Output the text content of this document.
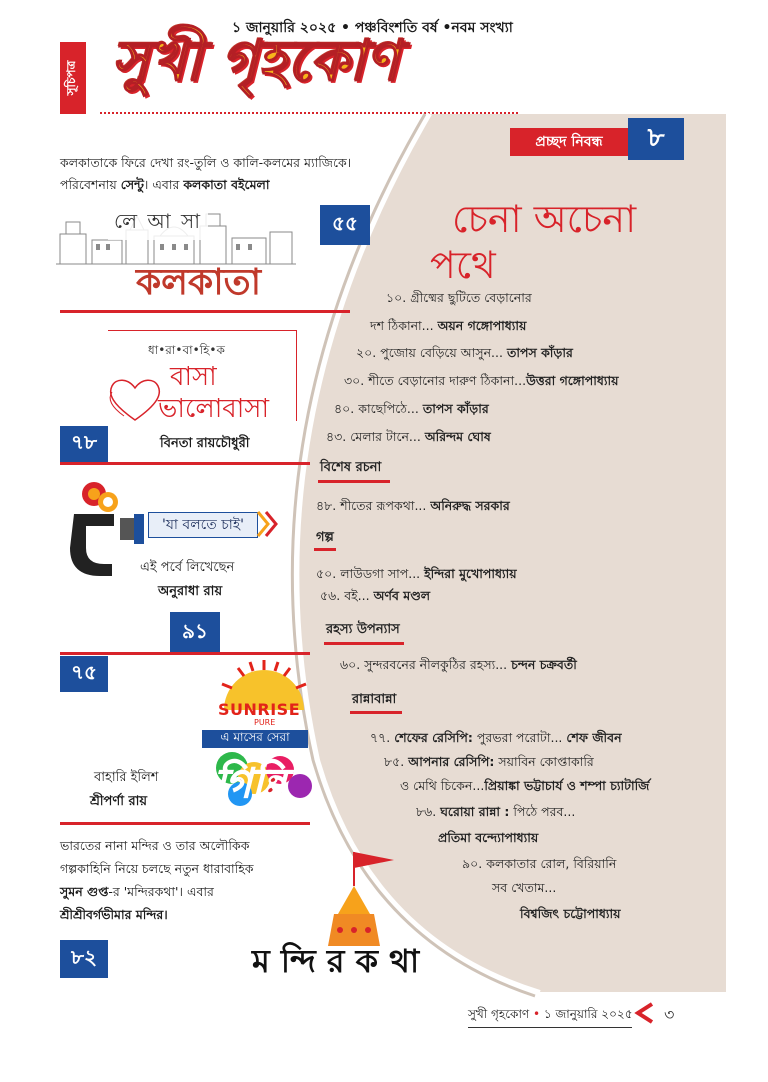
১ জানুয়ারি ২০২৫ • পঞ্চবিংশতি বর্ষ •নবম সংখ্যা
সূচিপত্র সুখী গৃহকোণ
প্রচ্ছদ নিবন্ধ	৮
চেনা অচেনা
পথে
১০. গ্রীষ্মের ছুটিতে বেড়ানোর
দশ ঠিকানা... অয়ন গঙ্গোপাধ্যায়
২০. পুজোয় বেড়িয়ে আসুন... তাপস কাঁড়ার
৩০. শীতে বেড়ানোর দারুণ ঠিকানা...উত্তরা গঙ্গোপাধ্যায়
৪০. কাছেপিঠে... তাপস কাঁড়ার
৪৩. মেলার টানে... অরিন্দম ঘোষ
বিশেষ রচনা
৪৮. শীতের রূপকথা... অনিরুদ্ধ সরকার
গল্প
৫০. লাউডগা সাপ... ইন্দিরা মুখোপাধ্যায়
৫৬. বই... অর্ণব মণ্ডল
রহস্য উপন্যাস
৬০. সুন্দরবনের নীলকুঠির রহস্য... চন্দন চক্রবর্তী
রান্নাবান্না
৭৭. শেফের রেসিপি: পুরভরা পরোটা... শেফ জীবন
৮৫. আপনার রেসিপি: সয়াবিন কোপ্তাকারি
ও মেথি চিকেন...প্রিয়াঙ্কা ভট্টাচার্য ও শম্পা চ্যাটার্জি
৮৬. ঘরোয়া রান্না : পিঠে পরব...
প্রতিমা বন্দ্যোপাধ্যায়
৯০. কলকাতার রোল, বিরিয়ানি
সব খেতাম...
বিশ্বজিৎ চট্টোপাধ্যায়
কলকাতাকে ফিরে দেখা রং-তুলি ও কালি-কলমের ম্যাজিকে।
পরিবেশনায় সেন্টু। এবার কলকাতা বইমেলা
লে আ সা
কলকাতা
৫৫
ধা•রা•বা•হি•ক
বাসা
ভালোবাসা
৭৮	বিনতা রায়চৌধুরী
'যা বলতে চাই'
এই পর্বে লিখেছেন
অনুরাধা রায়
৯১
৭৫
SUNRISE
PURE
এ মাসের সেরা
গিন্নি
বাহারি ইলিশ
শ্রীপর্ণা রায়
ভারতের নানা মন্দির ও তার অলৌকিক
গল্পকাহিনি নিয়ে চলছে নতুন ধারাবাহিক
সুমন গুপ্ত-র 'মন্দিরকথা'। এবার
শ্রীশ্রীবর্গভীমার মন্দির।
ম ন্দি র ক থা
৮২
সুখী গৃহকোণ • ১ জানুয়ারি ২০২৫ ৩
